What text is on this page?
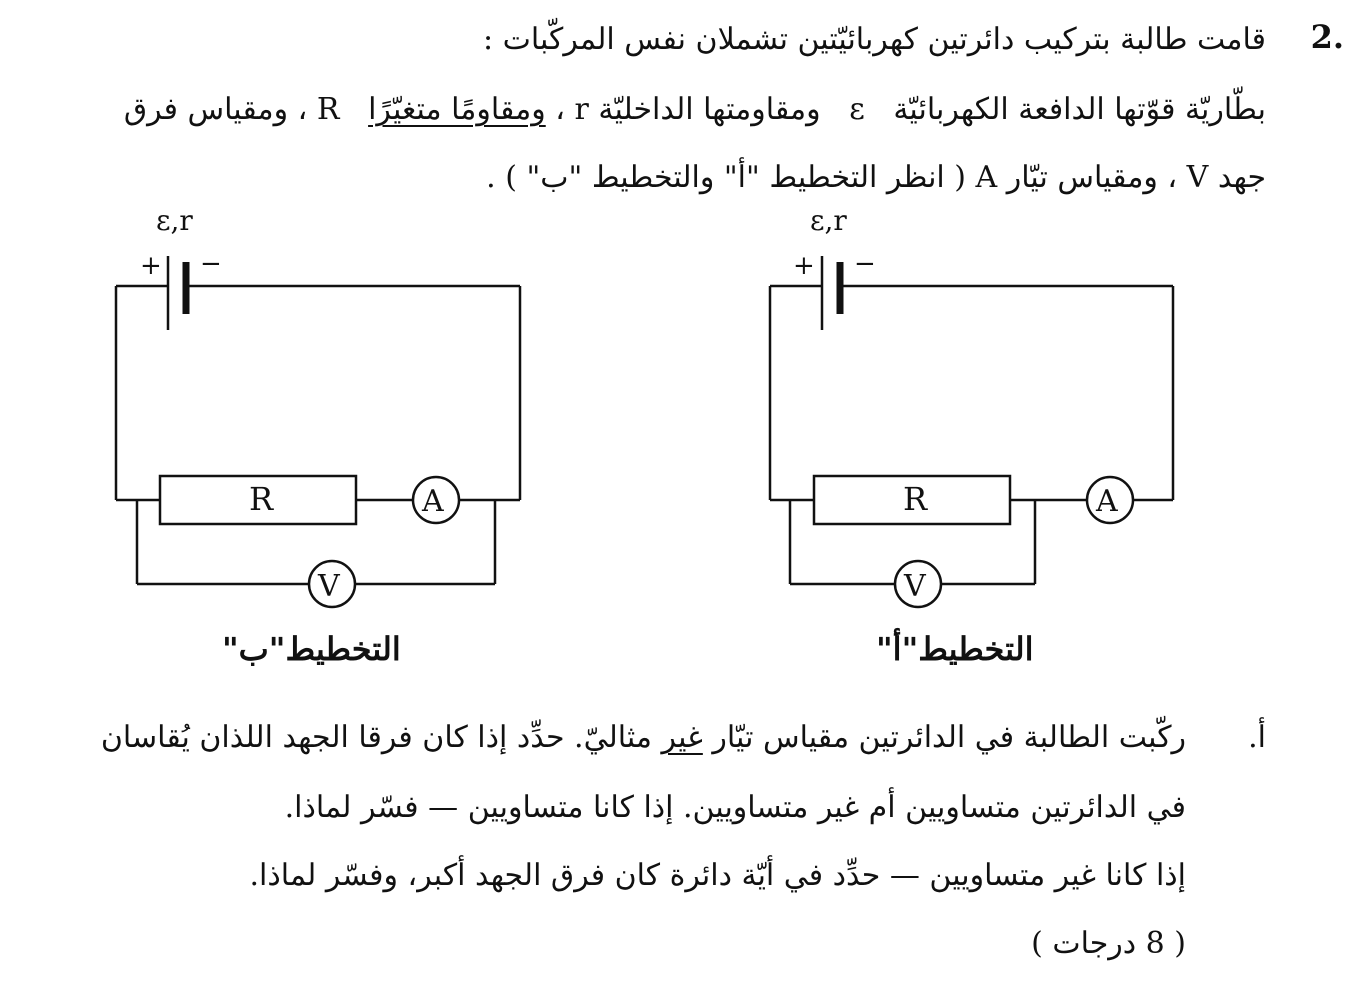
2.
قامت طالبة بتركيب دائرتين كهربائيّتين تشملان نفس المركّبات :
بطّاريّة قوّتها الدافعة الكهربائيّة   ε   ومقاومتها الداخليّة r ، ومقاومًا متغيّرًا   R ، ومقياس فرق
جهد V ، ومقياس تيّار A ( انظر التخطيط "أ" والتخطيط "ب" ) .
ε,r
+ −
R	A
V
ε,r
+ −
R	A
V
التخطيط"ب"	التخطيط"أ"
أ.
ركّبت الطالبة في الدائرتين مقياس تيّار غير مثاليّ. حدِّد إذا كان فرقا الجهد اللذان يُقاسان
في الدائرتين متساويين أم غير متساويين. إذا كانا متساويين — فسّر لماذا.
إذا كانا غير متساويين — حدِّد في أيّة دائرة كان فرق الجهد أكبر، وفسّر لماذا.
( 8 درجات )
